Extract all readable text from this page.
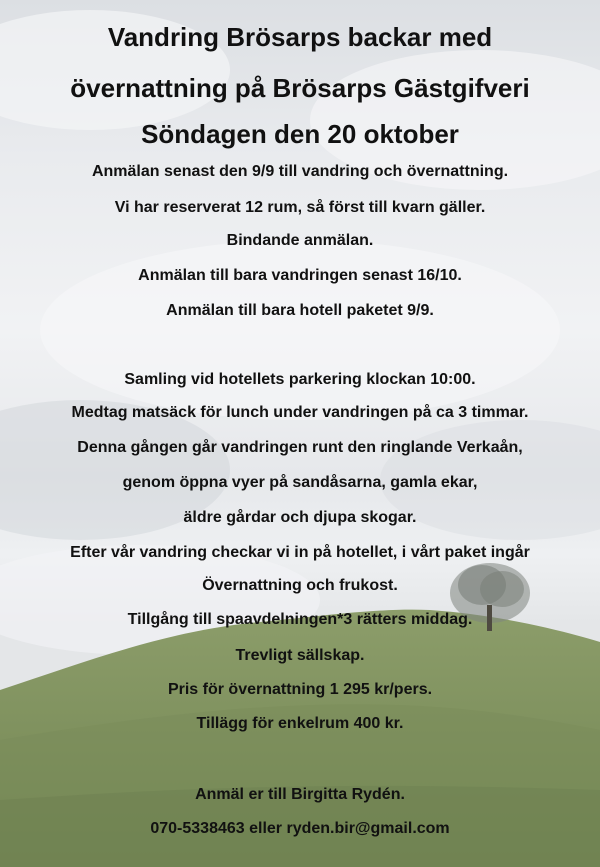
Vandring Brösarps backar med
övernattning på Brösarps Gästgifveri
Söndagen den 20 oktober
Anmälan senast den 9/9 till vandring och övernattning.
Vi har reserverat 12 rum, så först till kvarn gäller.
Bindande anmälan.
Anmälan till bara vandringen senast 16/10.
Anmälan till bara hotell paketet 9/9.
Samling vid hotellets parkering klockan 10:00.
Medtag matsäck för lunch under vandringen på ca 3 timmar.
Denna gången går vandringen runt den ringlande Verkaån,
genom öppna vyer på sandåsarna, gamla ekar,
äldre gårdar och djupa skogar.
Efter vår vandring checkar vi in på hotellet, i vårt paket ingår
Övernattning och frukost.
Tillgång till spaavdelningen*3 rätters middag.
Trevligt sällskap.
Pris för övernattning 1 295 kr/pers.
Tillägg för enkelrum 400 kr.
Anmäl er till Birgitta Rydén.
070-5338463 eller ryden.bir@gmail.com
